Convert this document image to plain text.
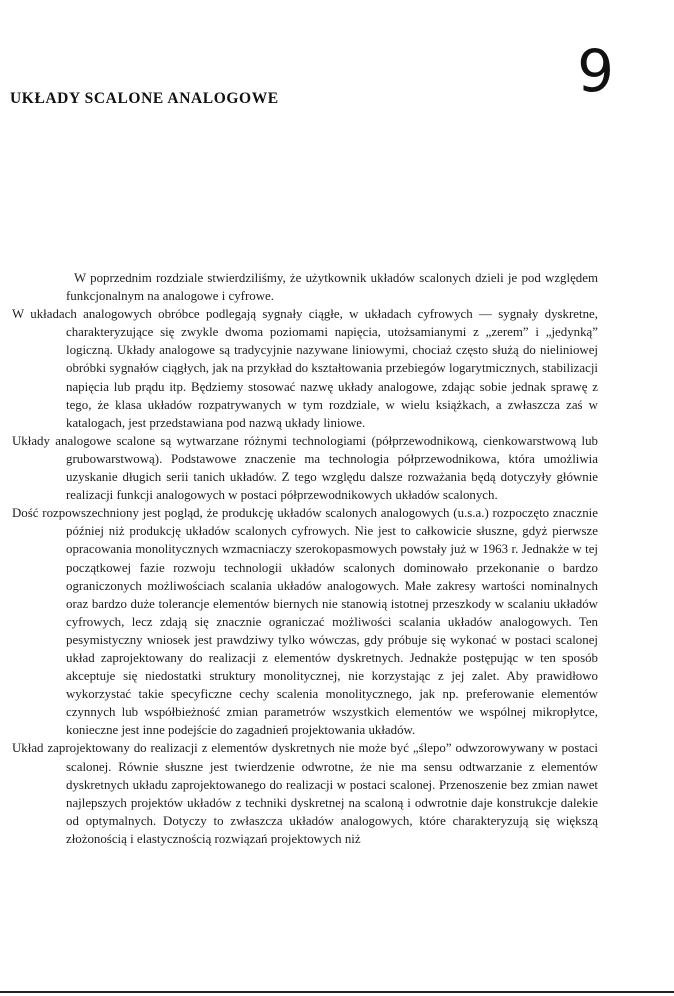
UKŁADY SCALONE ANALOGOWE	9

W poprzednim rozdziale stwierdziliśmy, że użytkownik układów scalonych dzieli je pod względem funkcjonalnym na analogowe i cyfrowe.

W układach analogowych obróbce podlegają sygnały ciągłe, w układach cyfrowych — sygnały dyskretne, charakteryzujące się zwykle dwoma poziomami napięcia, utożsamianymi z „zerem” i „jedynką” logiczną. Układy analogowe są tradycyjnie nazywane liniowymi, chociaż często służą do nieliniowej obróbki sygnałów ciągłych, jak na przykład do kształtowania przebiegów logarytmicznych, stabilizacji napięcia lub prądu itp. Będziemy stosować nazwę układy analogowe, zdając sobie jednak sprawę z tego, że klasa układów rozpatrywanych w tym rozdziale, w wielu książkach, a zwłaszcza zaś w katalogach, jest przedstawiana pod nazwą układy liniowe.

Układy analogowe scalone są wytwarzane różnymi technologiami (półprzewodnikową, cienkowarstwową lub grubowarstwową). Podstawowe znaczenie ma technologia półprzewodnikowa, która umożliwia uzyskanie długich serii tanich układów. Z tego względu dalsze rozważania będą dotyczyły głównie realizacji funkcji analogowych w postaci półprzewodnikowych układów scalonych.

Dość rozpowszechniony jest pogląd, że produkcję układów scalonych analogowych (u.s.a.) rozpoczęto znacznie później niż produkcję układów scalonych cyfrowych. Nie jest to całkowicie słuszne, gdyż pierwsze opracowania monolitycznych wzmacniaczy szerokopasmowych powstały już w 1963 r. Jednakże w tej początkowej fazie rozwoju technologii układów scalonych dominowało przekonanie o bardzo ograniczonych możliwościach scalania układów analogowych. Małe zakresy wartości nominalnych oraz bardzo duże tolerancje elementów biernych nie stanowią istotnej przeszkody w scalaniu układów cyfrowych, lecz zdają się znacznie ograniczać możliwości scalania układów analogowych. Ten pesymistyczny wniosek jest prawdziwy tylko wówczas, gdy próbuje się wykonać w postaci scalonej układ zaprojektowany do realizacji z elementów dyskretnych. Jednakże postępując w ten sposób akceptuje się niedostatki struktury monolitycznej, nie korzystając z jej zalet. Aby prawidłowo wykorzystać takie specyficzne cechy scalenia monolitycznego, jak np. preferowanie elementów czynnych lub współbieżność zmian parametrów wszystkich elementów we wspólnej mikropłytce, konieczne jest inne podejście do zagadnień projektowania układów.

Układ zaprojektowany do realizacji z elementów dyskretnych nie może być „ślepo” odwzorowywany w postaci scalonej. Równie słuszne jest twierdzenie odwrotne, że nie ma sensu odtwarzanie z elementów dyskretnych układu zaprojektowanego do realizacji w postaci scalonej. Przenoszenie bez zmian nawet najlepszych projektów układów z techniki dyskretnej na scaloną i odwrotnie daje konstrukcje dalekie od optymalnych. Dotyczy to zwłaszcza układów analogowych, które charakteryzują się większą złożonością i elastycznością rozwiązań projektowych niż
